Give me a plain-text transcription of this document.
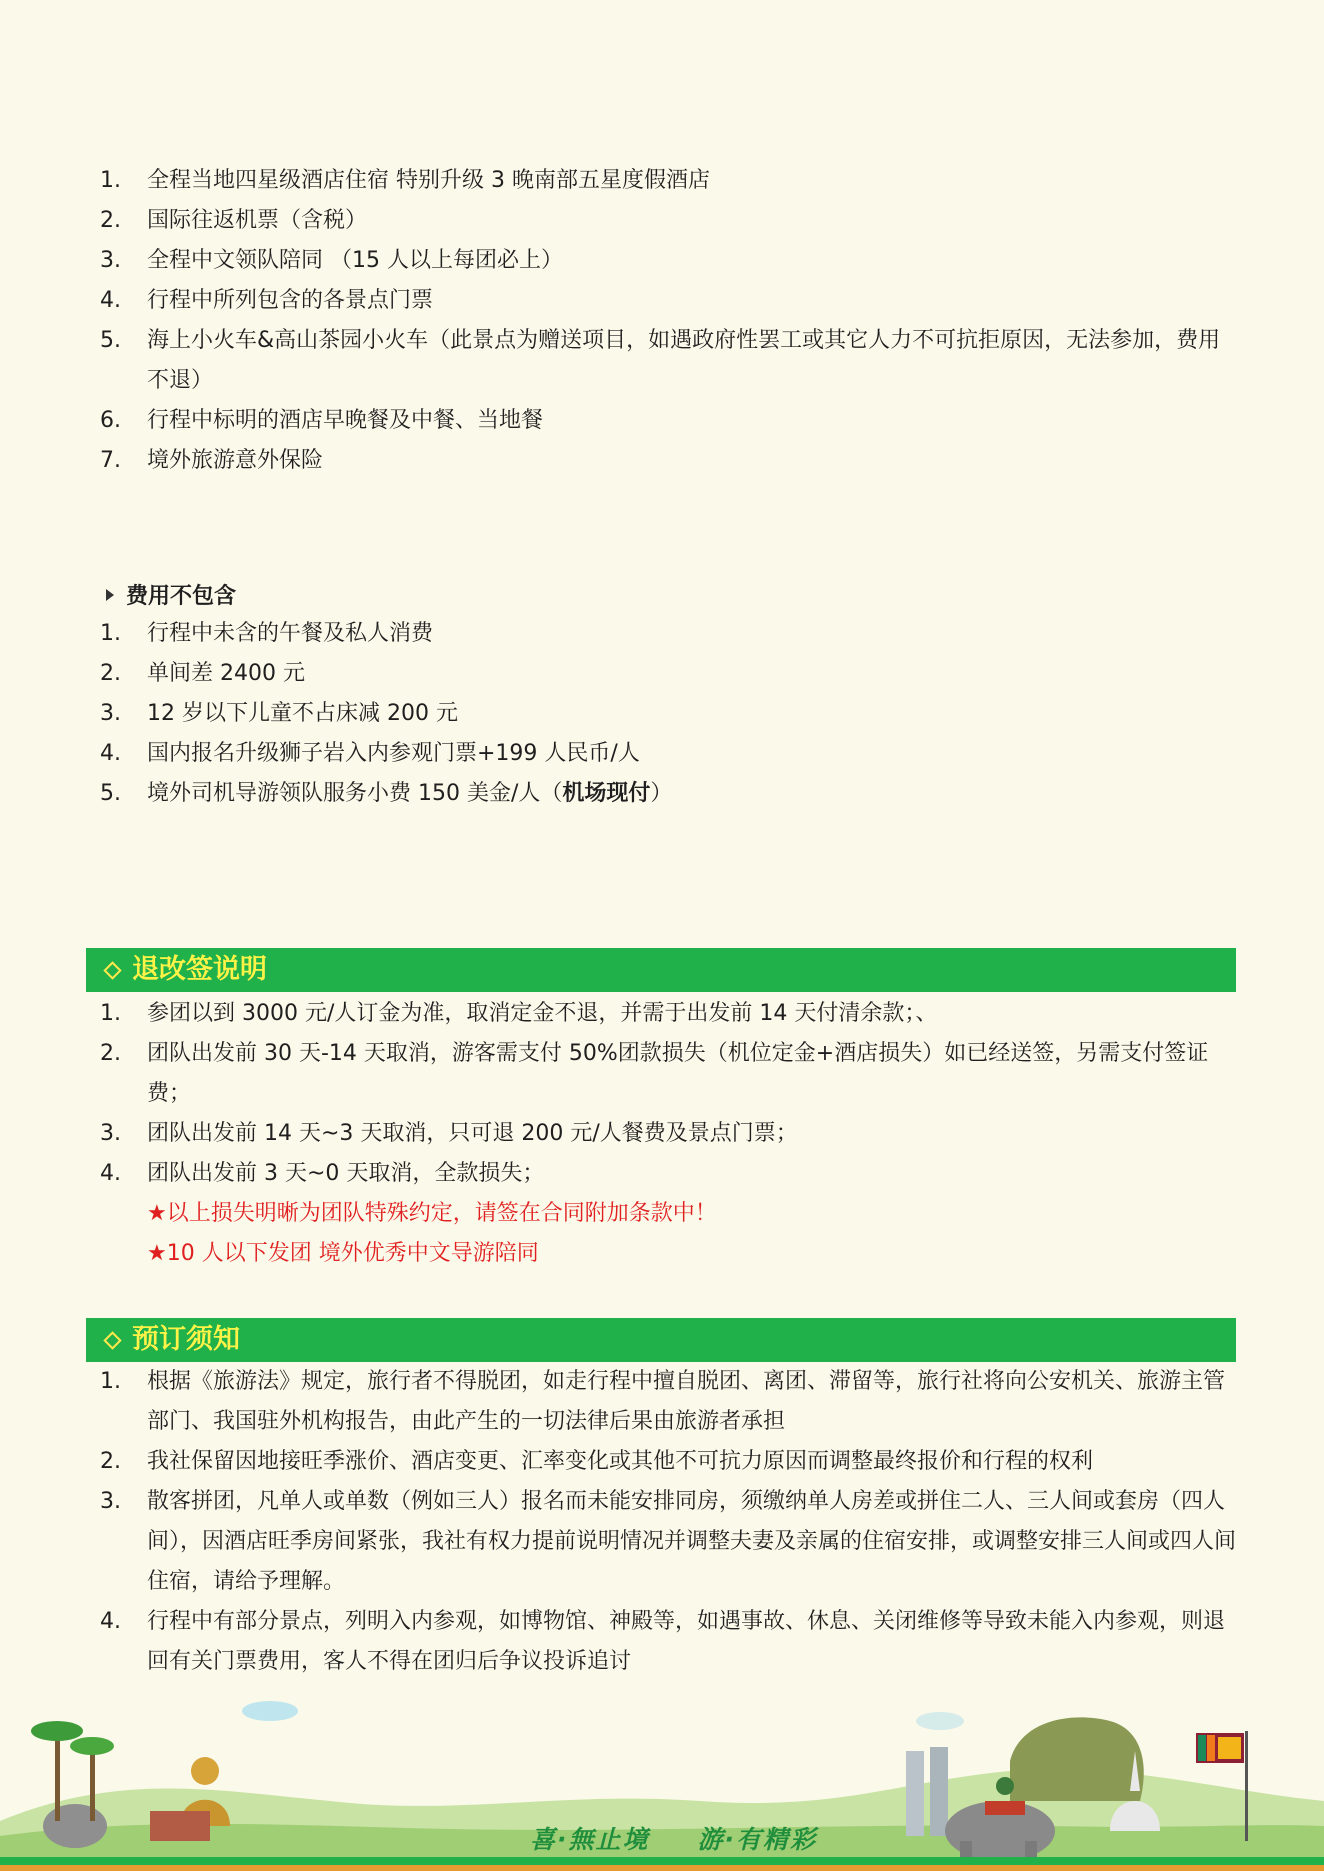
1.	全程当地四星级酒店住宿 特别升级 3 晚南部五星度假酒店
2.	国际往返机票（含税）
3.	全程中文领队陪同 （15 人以上每团必上）
4.	行程中所列包含的各景点门票
5.	海上小火车&高山茶园小火车（此景点为赠送项目，如遇政府性罢工或其它人力不可抗拒原因，无法参加，费用不退）
6.	行程中标明的酒店早晚餐及中餐、当地餐
7.	境外旅游意外保险
费用不包含
1.	行程中未含的午餐及私人消费
2.	单间差 2400 元
3.	12 岁以下儿童不占床减 200 元
4.	国内报名升级狮子岩入内参观门票+199 人民币/人
5.	境外司机导游领队服务小费 150 美金/人（机场现付）
退改签说明
1.	参团以到 3000 元/人订金为准，取消定金不退，并需于出发前 14 天付清余款；、
2.	团队出发前 30 天-14 天取消，游客需支付 50%团款损失（机位定金+酒店损失）如已经送签，另需支付签证费；
3.	团队出发前 14 天~3 天取消，只可退 200 元/人餐费及景点门票；
4.	团队出发前 3 天~0 天取消，全款损失；
★以上损失明晰为团队特殊约定，请签在合同附加条款中！
★10 人以下发团 境外优秀中文导游陪同
预订须知
1.	根据《旅游法》规定，旅行者不得脱团，如走行程中擅自脱团、离团、滞留等，旅行社将向公安机关、旅游主管部门、我国驻外机构报告，由此产生的一切法律后果由旅游者承担
2.	我社保留因地接旺季涨价、酒店变更、汇率变化或其他不可抗力原因而调整最终报价和行程的权利
3.	散客拼团，凡单人或单数（例如三人）报名而未能安排同房，须缴纳单人房差或拼住二人、三人间或套房（四人间），因酒店旺季房间紧张，我社有权力提前说明情况并调整夫妻及亲属的住宿安排，或调整安排三人间或四人间住宿，请给予理解。
4.	行程中有部分景点，列明入内参观，如博物馆、神殿等，如遇事故、休息、关闭维修等导致未能入内参观，则退回有关门票费用，客人不得在团归后争议投诉追讨
喜·無止境 游·有精彩
